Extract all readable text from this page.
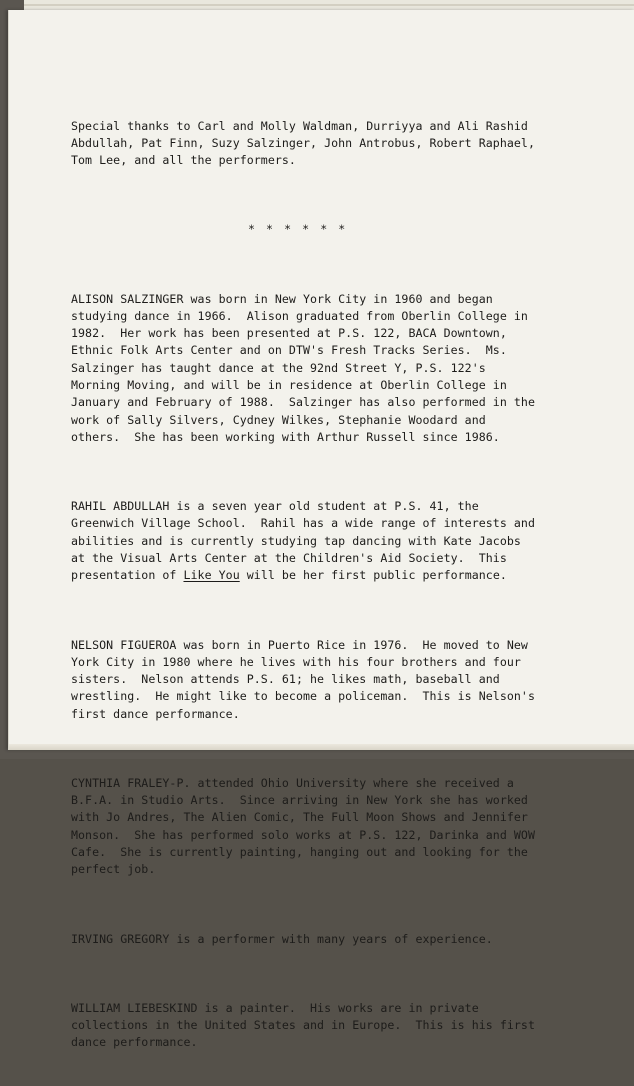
Special thanks to Carl and Molly Waldman, Durriyya and Ali Rashid
Abdullah, Pat Finn, Suzy Salzinger, John Antrobus, Robert Raphael,
Tom Lee, and all the performers.

* * * * * *

ALISON SALZINGER was born in New York City in 1960 and began
studying dance in 1966.  Alison graduated from Oberlin College in
1982.  Her work has been presented at P.S. 122, BACA Downtown,
Ethnic Folk Arts Center and on DTW's Fresh Tracks Series.  Ms.
Salzinger has taught dance at the 92nd Street Y, P.S. 122's
Morning Moving, and will be in residence at Oberlin College in
January and February of 1988.  Salzinger has also performed in the
work of Sally Silvers, Cydney Wilkes, Stephanie Woodard and
others.  She has been working with Arthur Russell since 1986.

RAHIL ABDULLAH is a seven year old student at P.S. 41, the
Greenwich Village School.  Rahil has a wide range of interests and
abilities and is currently studying tap dancing with Kate Jacobs
at the Visual Arts Center at the Children's Aid Society.  This
presentation of Like You will be her first public performance.

NELSON FIGUEROA was born in Puerto Rice in 1976.  He moved to New
York City in 1980 where he lives with his four brothers and four
sisters.  Nelson attends P.S. 61; he likes math, baseball and
wrestling.  He might like to become a policeman.  This is Nelson's
first dance performance.

CYNTHIA FRALEY-P. attended Ohio University where she received a
B.F.A. in Studio Arts.  Since arriving in New York she has worked
with Jo Andres, The Alien Comic, The Full Moon Shows and Jennifer
Monson.  She has performed solo works at P.S. 122, Darinka and WOW
Cafe.  She is currently painting, hanging out and looking for the
perfect job.

IRVING GREGORY is a performer with many years of experience.

WILLIAM LIEBESKIND is a painter.  His works are in private
collections in the United States and in Europe.  This is his first
dance performance.
